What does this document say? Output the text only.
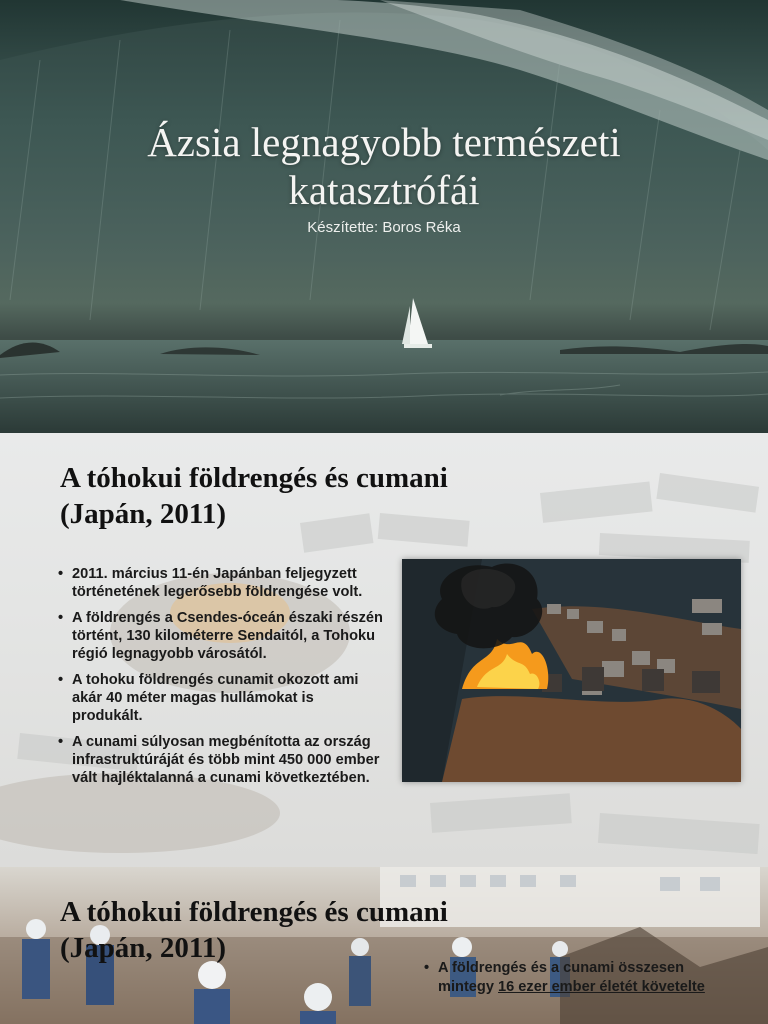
Ázsia legnagyobb természeti
katasztrófái
Készítette: Boros Réka
A tóhokui földrengés és cumani
(Japán, 2011)
• 2011. március 11-én Japánban feljegyzett történetének legerősebb földrengése volt.
• A földrengés a Csendes-óceán északi részén történt, 130 kilométerre Sendaitól, a Tohoku régió legnagyobb városától.
• A tohoku földrengés cunamit okozott ami akár 40 méter magas hullámokat is produkált.
• A cunami súlyosan megbénította az ország infrastruktúráját és több mint 450 000 ember vált hajléktalanná a cunami következtében.
A tóhokui földrengés és cumani
(Japán, 2011)
• A földrengés és a cunami összesen mintegy 16 ezer ember életét követelte
